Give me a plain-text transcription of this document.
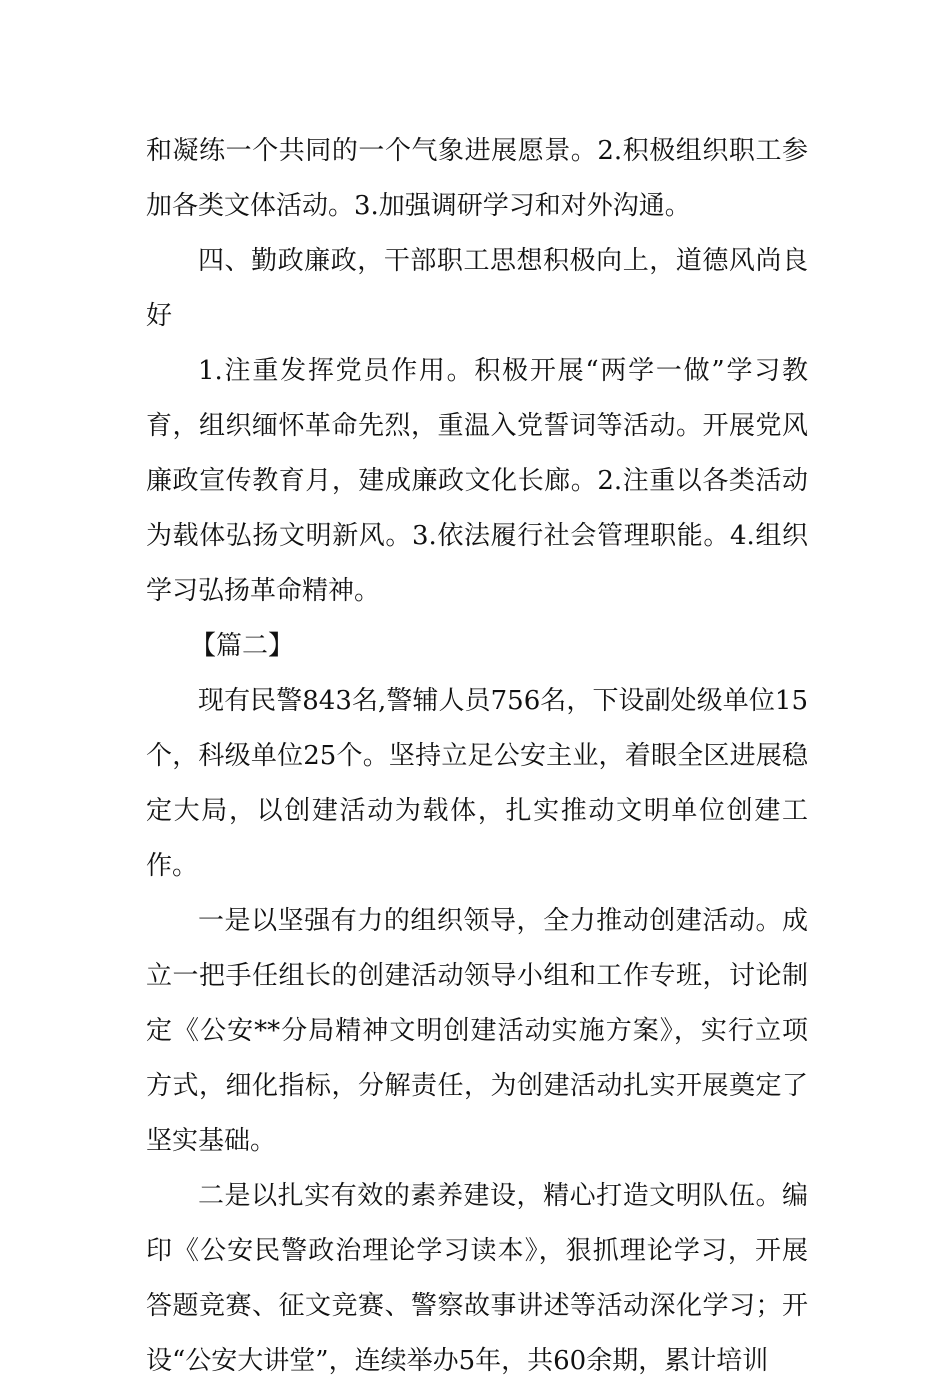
和凝练一个共同的一个气象进展愿景。2.积极组织职工参加各类文体活动。3.加强调研学习和对外沟通。

四、勤政廉政，干部职工思想积极向上，道德风尚良好

1.注重发挥党员作用。积极开展“两学一做”学习教育，组织缅怀革命先烈，重温入党誓词等活动。开展党风廉政宣传教育月，建成廉政文化长廊。2.注重以各类活动为载体弘扬文明新风。3.依法履行社会管理职能。4.组织学习弘扬革命精神。

【篇二】

现有民警843名,警辅人员756名，下设副处级单位15个，科级单位25个。坚持立足公安主业，着眼全区进展稳定大局，以创建活动为载体，扎实推动文明单位创建工作。

一是以坚强有力的组织领导，全力推动创建活动。成立一把手任组长的创建活动领导小组和工作专班，讨论制定《公安**分局精神文明创建活动实施方案》，实行立项方式，细化指标，分解责任，为创建活动扎实开展奠定了坚实基础。

二是以扎实有效的素养建设，精心打造文明队伍。编印《公安民警政治理论学习读本》，狠抓理论学习，开展答题竞赛、征文竞赛、警察故事讲述等活动深化学习；开设“公安大讲堂”，连续举办5年，共60余期，累计培训
